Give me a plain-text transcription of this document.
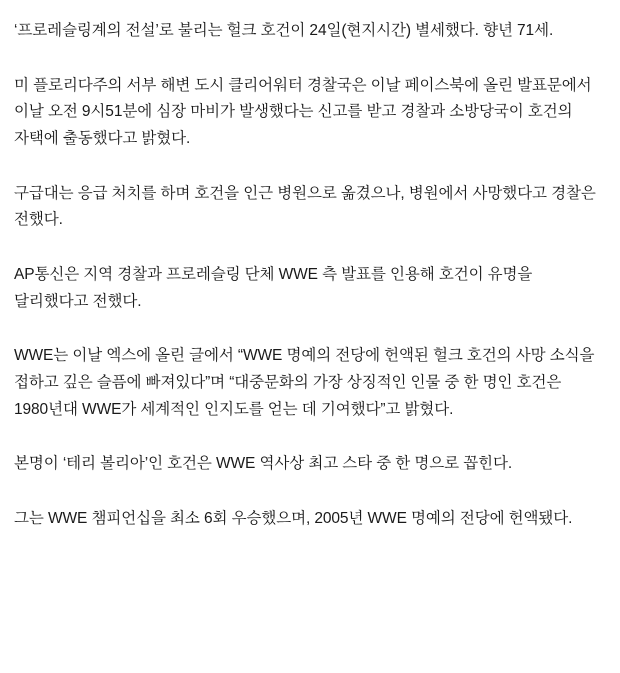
‘프로레슬링계의 전설’로 불리는 헐크 호건이 24일(현지시간) 별세했다. 향년 71세.

미 플로리다주의 서부 해변 도시 클리어워터 경찰국은 이날 페이스북에 올린 발표문에서 이날 오전 9시51분에 심장 마비가 발생했다는 신고를 받고 경찰과 소방당국이 호건의 자택에 출동했다고 밝혔다.

구급대는 응급 처치를 하며 호건을 인근 병원으로 옮겼으나, 병원에서 사망했다고 경찰은 전했다.

AP통신은 지역 경찰과 프로레슬링 단체 WWE 측 발표를 인용해 호건이 유명을 달리했다고 전했다.

WWE는 이날 엑스에 올린 글에서 “WWE 명예의 전당에 헌액된 헐크 호건의 사망 소식을 접하고 깊은 슬픔에 빠져있다”며 “대중문화의 가장 상징적인 인물 중 한 명인 호건은 1980년대 WWE가 세계적인 인지도를 얻는 데 기여했다”고 밝혔다.

본명이 ‘테리 볼리아’인 호건은 WWE 역사상 최고 스타 중 한 명으로 꼽힌다.

그는 WWE 챔피언십을 최소 6회 우승했으며, 2005년 WWE 명예의 전당에 헌액됐다.
